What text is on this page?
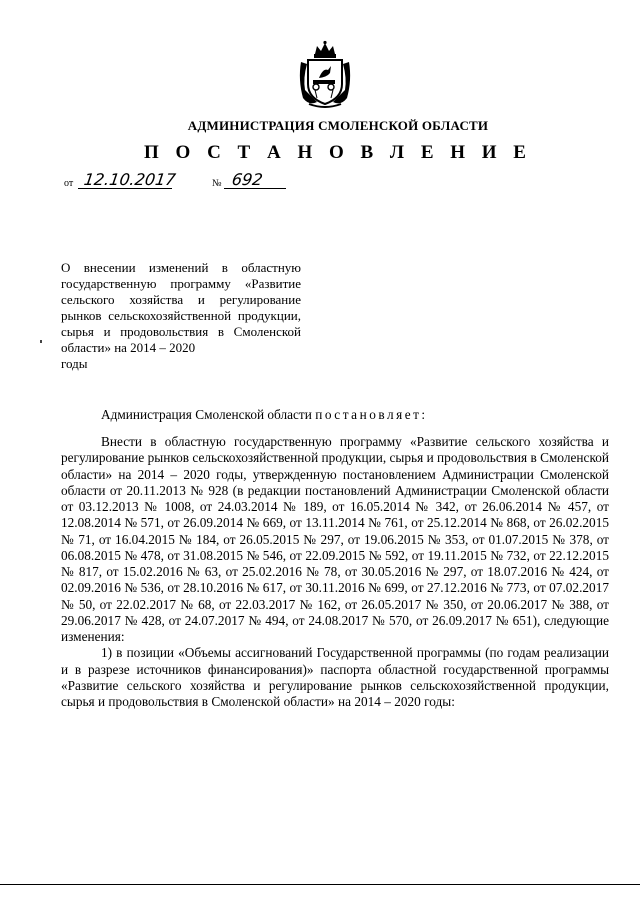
АДМИНИСТРАЦИЯ СМОЛЕНСКОЙ ОБЛАСТИ
П О С Т А Н О В Л Е Н И Е
от 12.10.2017	№ 692
О внесении изменений в областную государственную программу «Развитие сельского хозяйства и регулирование рынков сельскохозяйственной продукции, сырья и продовольствия в Смоленской области» на 2014 – 2020
годы
Администрация Смоленской области постановляет:

Внести в областную государственную программу «Развитие сельского хозяйства и регулирование рынков сельскохозяйственной продукции, сырья и продовольствия в Смоленской области» на 2014 – 2020 годы, утвержденную постановлением Администрации Смоленской области от 20.11.2013 № 928 (в редакции постановлений Администрации Смоленской области от 03.12.2013 № 1008, от 24.03.2014 № 189, от 16.05.2014 № 342, от 26.06.2014 № 457, от 12.08.2014 № 571, от 26.09.2014 № 669, от 13.11.2014 № 761, от 25.12.2014 № 868, от 26.02.2015 № 71, от 16.04.2015 № 184, от 26.05.2015 № 297, от 19.06.2015 № 353, от 01.07.2015 № 378, от 06.08.2015 № 478, от 31.08.2015 № 546, от 22.09.2015 № 592, от 19.11.2015 № 732, от 22.12.2015 № 817, от 15.02.2016 № 63, от 25.02.2016 № 78, от 30.05.2016 № 297, от 18.07.2016 № 424, от 02.09.2016 № 536, от 28.10.2016 № 617, от 30.11.2016 № 699, от 27.12.2016 № 773, от 07.02.2017 № 50, от 22.02.2017 № 68, от 22.03.2017 № 162, от 26.05.2017 № 350, от 20.06.2017 № 388, от 29.06.2017 № 428, от 24.07.2017 № 494, от 24.08.2017 № 570, от 26.09.2017 № 651), следующие изменения:

1) в позиции «Объемы ассигнований Государственной программы (по годам реализации и в разрезе источников финансирования)» паспорта областной государственной программы «Развитие сельского хозяйства и регулирование рынков сельскохозяйственной продукции, сырья и продовольствия в Смоленской области» на 2014 – 2020 годы:
